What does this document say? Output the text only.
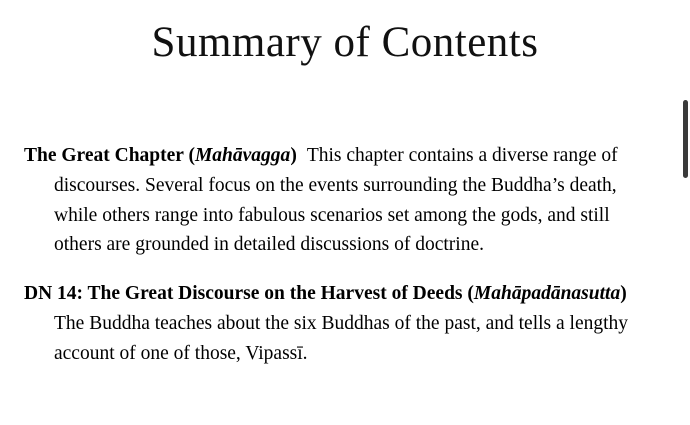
Summary of Contents

The Great Chapter (Mahāvagga) This chapter contains a diverse range of discourses. Several focus on the events surrounding the Buddha’s death, while others range into fabulous scenarios set among the gods, and still others are grounded in detailed discussions of doctrine.

DN 14: The Great Discourse on the Harvest of Deeds (Mahāpadānasutta)The Buddha teaches about the six Buddhas of the past, and tells a lengthy account of one of those, Vipassī.
